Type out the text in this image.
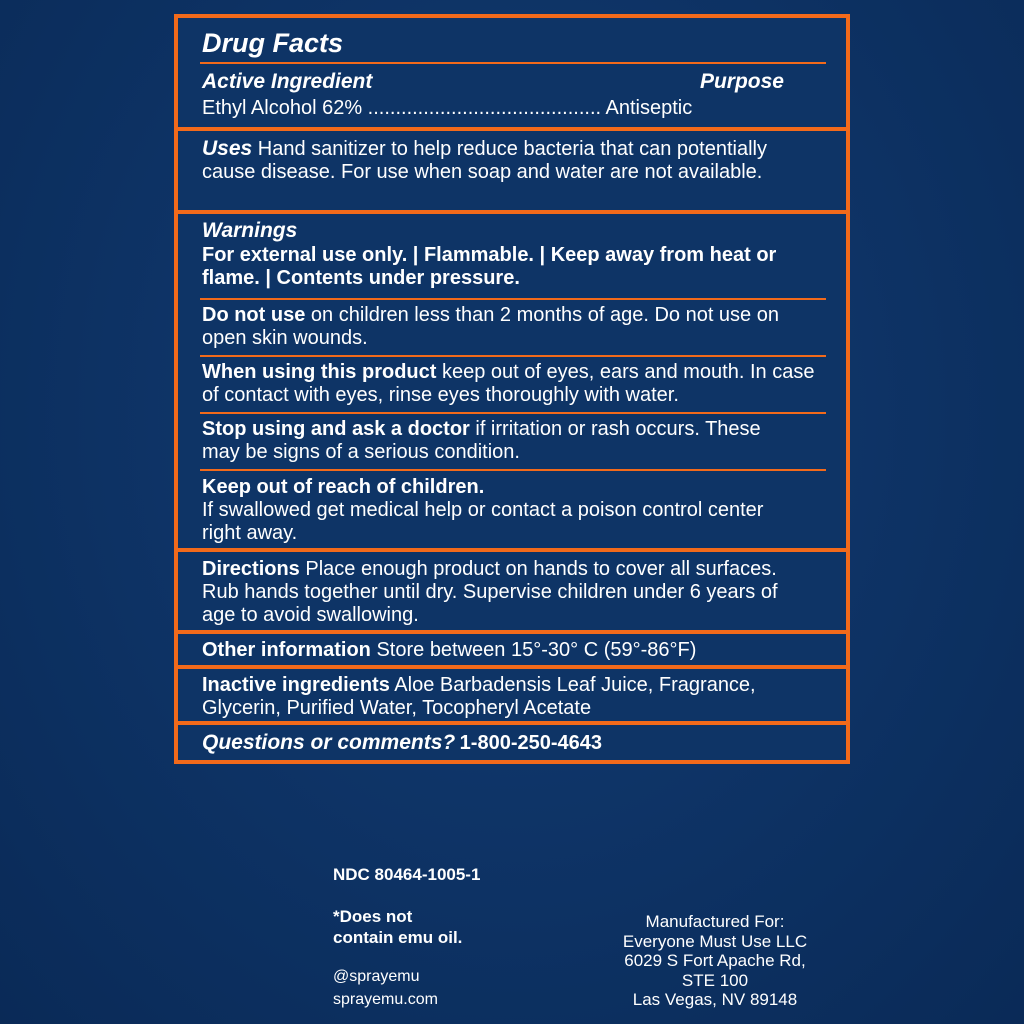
Drug Facts
Active Ingredient	Purpose
Ethyl Alcohol 62% .......................................... Antiseptic
Uses Hand sanitizer to help reduce bacteria that can potentially cause disease. For use when soap and water are not available.
Warnings
For external use only. | Flammable. | Keep away from heat or flame. | Contents under pressure.
Do not use on children less than 2 months of age. Do not use on open skin wounds.
When using this product keep out of eyes, ears and mouth. In case of contact with eyes, rinse eyes thoroughly with water.
Stop using and ask a doctor if irritation or rash occurs. These may be signs of a serious condition.
Keep out of reach of children.
If swallowed get medical help or contact a poison control center right away.
Directions Place enough product on hands to cover all surfaces. Rub hands together until dry. Supervise children under 6 years of age to avoid swallowing.
Other information Store between 15°-30° C (59°-86°F)
Inactive ingredients Aloe Barbadensis Leaf Juice, Fragrance, Glycerin, Purified Water, Tocopheryl Acetate
Questions or comments? 1-800-250-4643
NDC 80464-1005-1
*Does not
contain emu oil.
@sprayemu
sprayemu.com
Manufactured For:
Everyone Must Use LLC
6029 S Fort Apache Rd,
STE 100
Las Vegas, NV 89148
